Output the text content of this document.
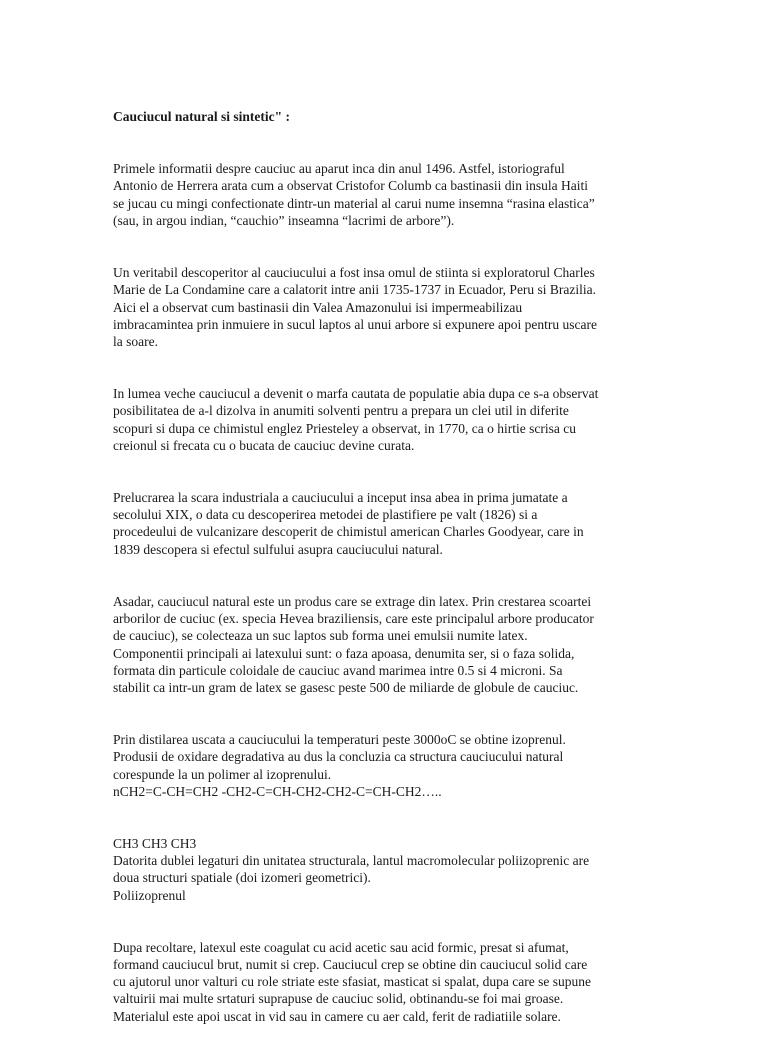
Cauciucul natural si sintetic" :

Primele informatii despre cauciuc au aparut inca din anul 1496. Astfel, istoriograful
Antonio de Herrera arata cum a observat Cristofor Columb ca bastinasii din insula Haiti
se jucau cu mingi confectionate dintr-un material al carui nume insemna “rasina elastica”
(sau, in argou indian, “cauchio” inseamna “lacrimi de arbore”).

Un veritabil descoperitor al cauciucului a fost insa omul de stiinta si exploratorul Charles
Marie de La Condamine care a calatorit intre anii 1735-1737 in Ecuador, Peru si Brazilia.
Aici el a observat cum bastinasii din Valea Amazonului isi impermeabilizau
imbracamintea prin inmuiere in sucul laptos al unui arbore si expunere apoi pentru uscare
la soare.

In lumea veche cauciucul a devenit o marfa cautata de populatie abia dupa ce s-a observat
posibilitatea de a-l dizolva in anumiti solventi pentru a prepara un clei util in diferite
scopuri si dupa ce chimistul englez Priesteley a observat, in 1770, ca o hirtie scrisa cu
creionul si frecata cu o bucata de cauciuc devine curata.

Prelucrarea la scara industriala a cauciucului a inceput insa abea in prima jumatate a
secolului XIX, o data cu descoperirea metodei de plastifiere pe valt (1826) si a
procedeului de vulcanizare descoperit de chimistul american Charles Goodyear, care in
1839 descopera si efectul sulfului asupra cauciucului natural.

Asadar, cauciucul natural este un produs care se extrage din latex. Prin crestarea scoartei
arborilor de cuciuc (ex. specia Hevea braziliensis, care este principalul arbore producator
de cauciuc), se colecteaza un suc laptos sub forma unei emulsii numite latex.
Componentii principali ai latexului sunt: o faza apoasa, denumita ser, si o faza solida,
formata din particule coloidale de cauciuc avand marimea intre 0.5 si 4 microni. Sa
stabilit ca intr-un gram de latex se gasesc peste 500 de miliarde de globule de cauciuc.

Prin distilarea uscata a cauciucului la temperaturi peste 3000oC se obtine izoprenul.
Produsii de oxidare degradativa au dus la concluzia ca structura cauciucului natural
corespunde la un polimer al izoprenului.
nCH2=C-CH=CH2 -CH2-C=CH-CH2-CH2-C=CH-CH2…..

CH3 CH3 CH3
Datorita dublei legaturi din unitatea structurala, lantul macromolecular poliizoprenic are
doua structuri spatiale (doi izomeri geometrici).
Poliizoprenul

Dupa recoltare, latexul este coagulat cu acid acetic sau acid formic, presat si afumat,
formand cauciucul brut, numit si crep. Cauciucul crep se obtine din cauciucul solid care
cu ajutorul unor valturi cu role striate este sfasiat, masticat si spalat, dupa care se supune
valtuirii mai multe srtaturi suprapuse de cauciuc solid, obtinandu-se foi mai groase.
Materialul este apoi uscat in vid sau in camere cu aer cald, ferit de radiatiile solare.
